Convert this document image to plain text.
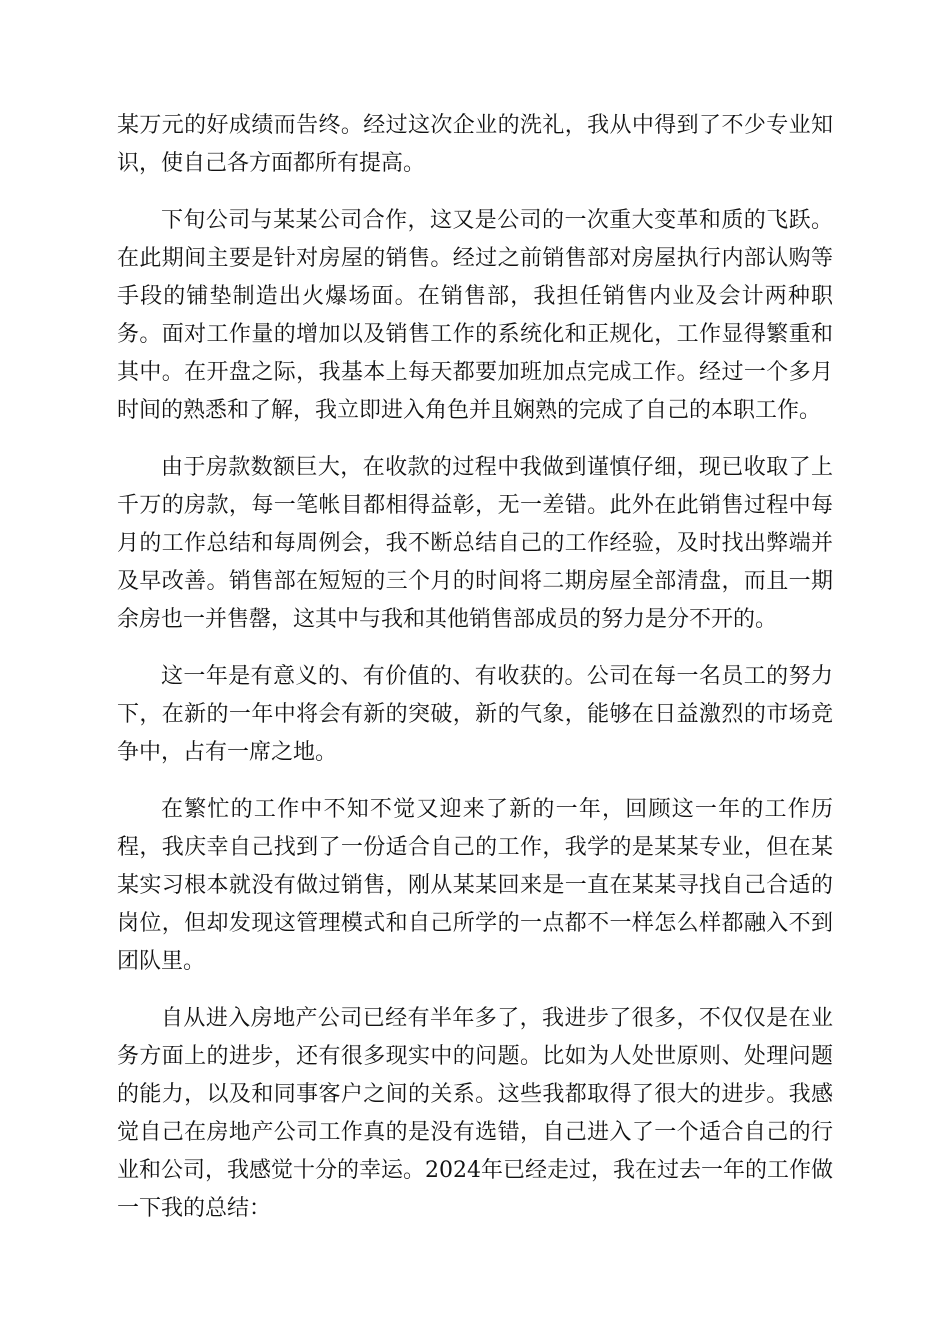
某万元的好成绩而告终。经过这次企业的洗礼，我从中得到了不少专业知识，使自己各方面都所有提高。

下旬公司与某某公司合作，这又是公司的一次重大变革和质的飞跃。在此期间主要是针对房屋的销售。经过之前销售部对房屋执行内部认购等手段的铺垫制造出火爆场面。在销售部，我担任销售内业及会计两种职务。面对工作量的增加以及销售工作的系统化和正规化，工作显得繁重和其中。在开盘之际，我基本上每天都要加班加点完成工作。经过一个多月时间的熟悉和了解，我立即进入角色并且娴熟的完成了自己的本职工作。

由于房款数额巨大，在收款的过程中我做到谨慎仔细，现已收取了上千万的房款，每一笔帐目都相得益彰，无一差错。此外在此销售过程中每月的工作总结和每周例会，我不断总结自己的工作经验，及时找出弊端并及早改善。销售部在短短的三个月的时间将二期房屋全部清盘，而且一期余房也一并售罄，这其中与我和其他销售部成员的努力是分不开的。

这一年是有意义的、有价值的、有收获的。公司在每一名员工的努力下，在新的一年中将会有新的突破，新的气象，能够在日益激烈的市场竞争中，占有一席之地。

在繁忙的工作中不知不觉又迎来了新的一年，回顾这一年的工作历程，我庆幸自己找到了一份适合自己的工作，我学的是某某专业，但在某某实习根本就没有做过销售，刚从某某回来是一直在某某寻找自己合适的岗位，但却发现这管理模式和自己所学的一点都不一样怎么样都融入不到团队里。

自从进入房地产公司已经有半年多了，我进步了很多，不仅仅是在业务方面上的进步，还有很多现实中的问题。比如为人处世原则、处理问题的能力，以及和同事客户之间的关系。这些我都取得了很大的进步。我感觉自己在房地产公司工作真的是没有选错，自己进入了一个适合自己的行业和公司，我感觉十分的幸运。2024年已经走过，我在过去一年的工作做一下我的总结：
